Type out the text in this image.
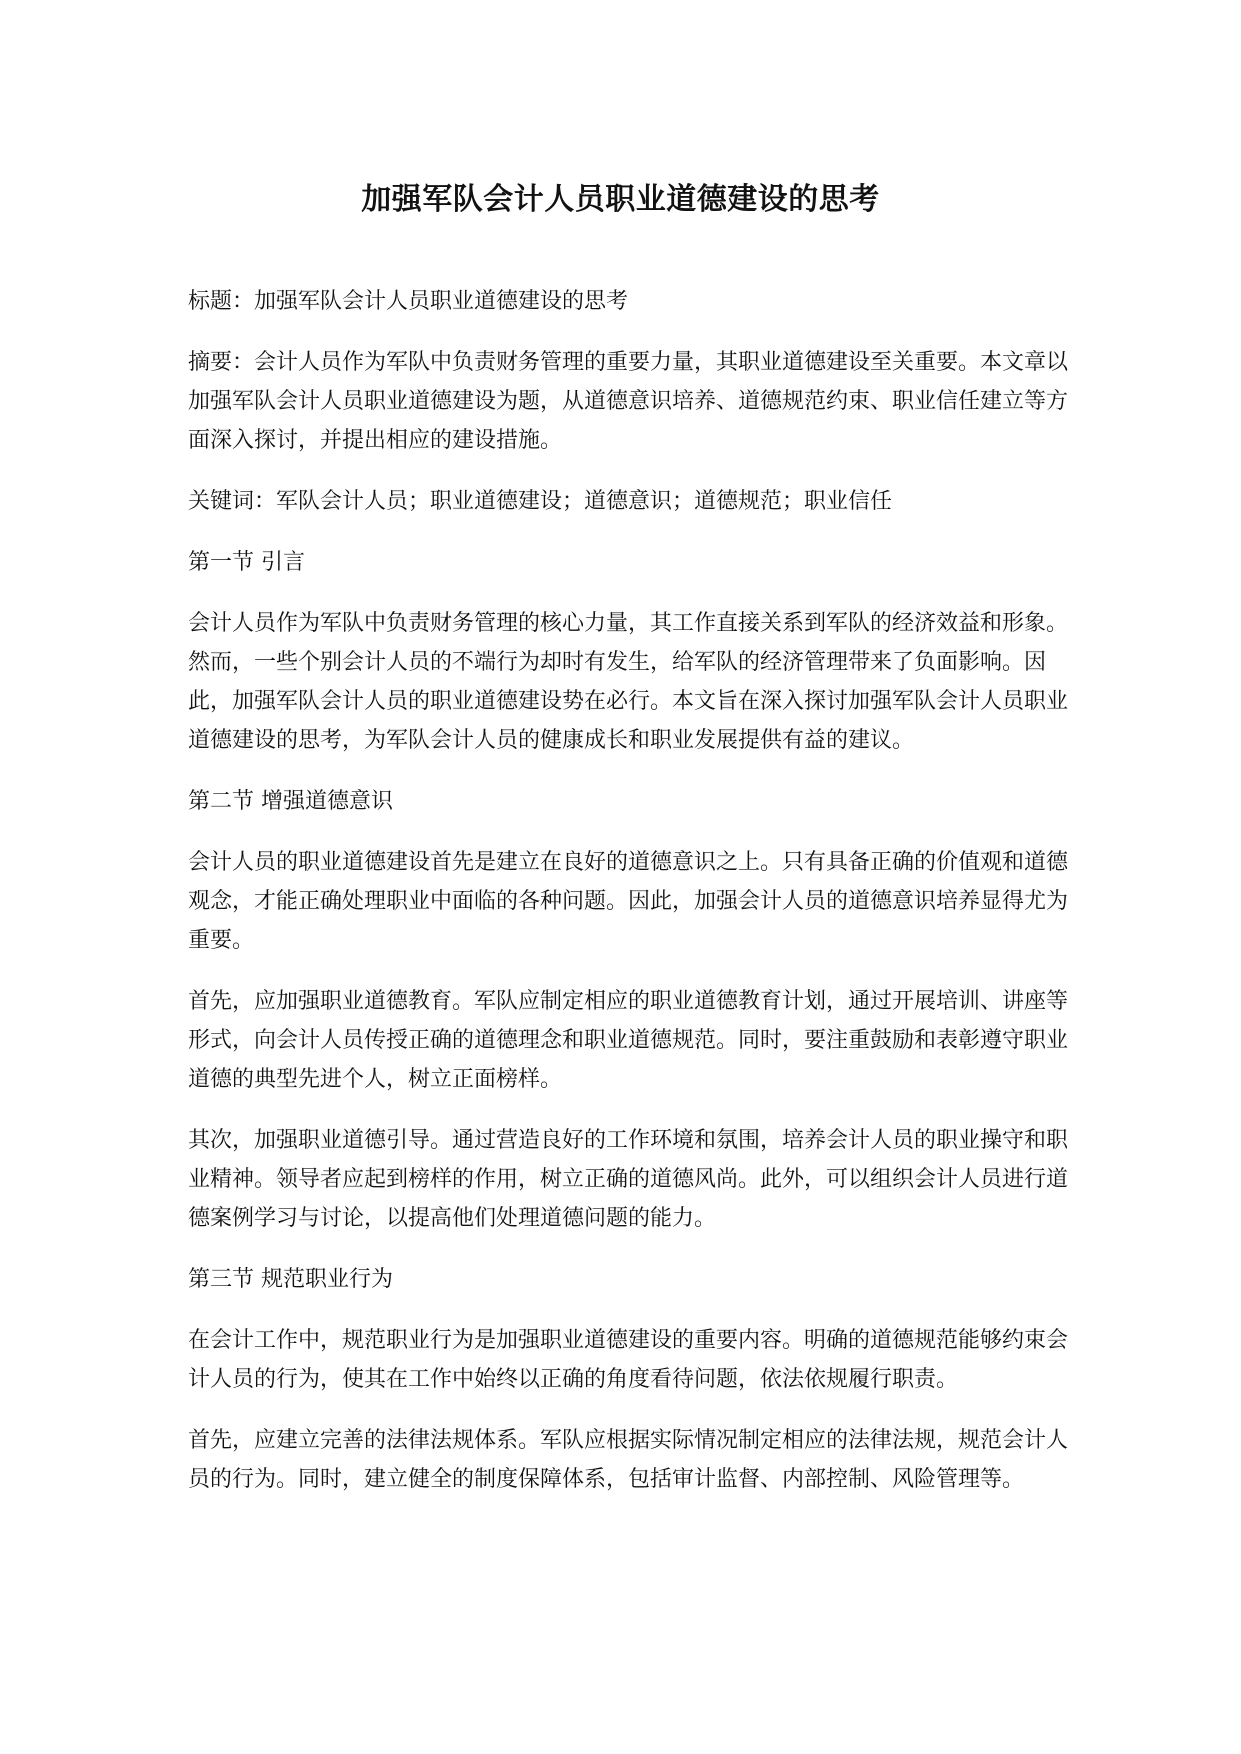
加强军队会计人员职业道德建设的思考

标题：加强军队会计人员职业道德建设的思考

摘要：会计人员作为军队中负责财务管理的重要力量，其职业道德建设至关重要。本文章以加强军队会计人员职业道德建设为题，从道德意识培养、道德规范约束、职业信任建立等方面深入探讨，并提出相应的建设措施。

关键词：军队会计人员；职业道德建设；道德意识；道德规范；职业信任

第一节 引言

会计人员作为军队中负责财务管理的核心力量，其工作直接关系到军队的经济效益和形象。然而，一些个别会计人员的不端行为却时有发生，给军队的经济管理带来了负面影响。因此，加强军队会计人员的职业道德建设势在必行。本文旨在深入探讨加强军队会计人员职业道德建设的思考，为军队会计人员的健康成长和职业发展提供有益的建议。

第二节 增强道德意识

会计人员的职业道德建设首先是建立在良好的道德意识之上。只有具备正确的价值观和道德观念，才能正确处理职业中面临的各种问题。因此，加强会计人员的道德意识培养显得尤为重要。

首先，应加强职业道德教育。军队应制定相应的职业道德教育计划，通过开展培训、讲座等形式，向会计人员传授正确的道德理念和职业道德规范。同时，要注重鼓励和表彰遵守职业道德的典型先进个人，树立正面榜样。

其次，加强职业道德引导。通过营造良好的工作环境和氛围，培养会计人员的职业操守和职业精神。领导者应起到榜样的作用，树立正确的道德风尚。此外，可以组织会计人员进行道德案例学习与讨论，以提高他们处理道德问题的能力。

第三节 规范职业行为

在会计工作中，规范职业行为是加强职业道德建设的重要内容。明确的道德规范能够约束会计人员的行为，使其在工作中始终以正确的角度看待问题，依法依规履行职责。

首先，应建立完善的法律法规体系。军队应根据实际情况制定相应的法律法规，规范会计人员的行为。同时，建立健全的制度保障体系，包括审计监督、内部控制、风险管理等。
